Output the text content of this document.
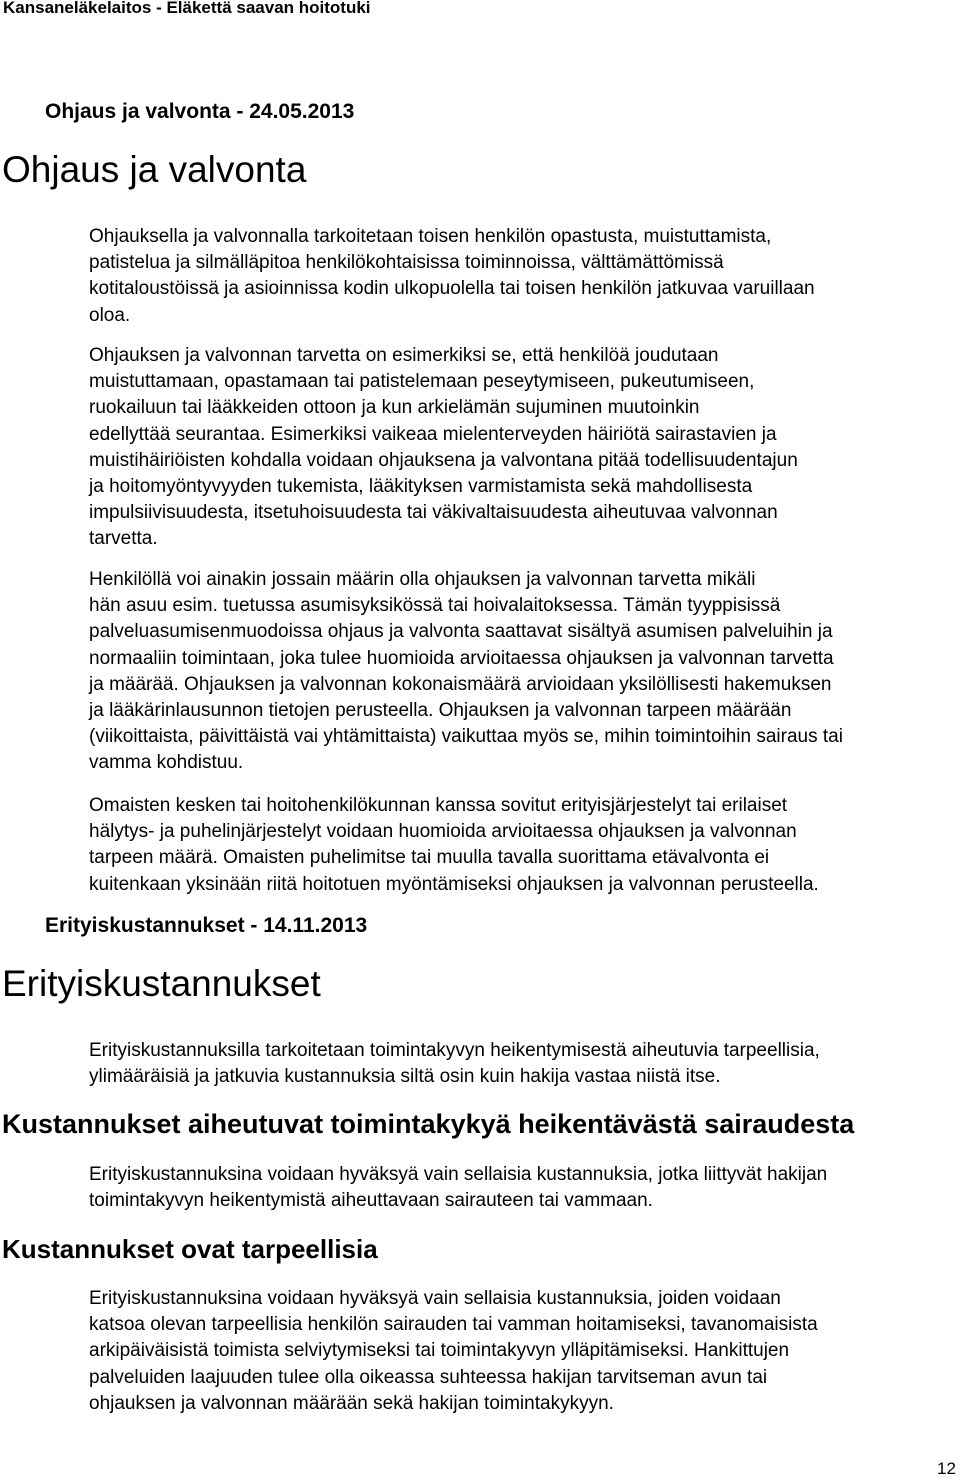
Kansaneläkelaitos - Eläkettä saavan hoitotuki
Ohjaus ja valvonta - 24.05.2013
Ohjaus ja valvonta

Ohjauksella ja valvonnalla tarkoitetaan toisen henkilön opastusta, muistuttamista,
patistelua ja silmälläpitoa henkilökohtaisissa toiminnoissa, välttämättömissä
kotitaloustöissä ja asioinnissa kodin ulkopuolella tai toisen henkilön jatkuvaa varuillaan
oloa.

Ohjauksen ja valvonnan tarvetta on esimerkiksi se, että henkilöä joudutaan
muistuttamaan, opastamaan tai patistelemaan peseytymiseen, pukeutumiseen,
ruokailuun tai lääkkeiden ottoon ja kun arkielämän sujuminen muutoinkin
edellyttää seurantaa. Esimerkiksi vaikeaa mielenterveyden häiriötä sairastavien ja
muistihäiriöisten kohdalla voidaan ohjauksena ja valvontana pitää todellisuudentajun
ja hoitomyöntyvyyden tukemista, lääkityksen varmistamista sekä mahdollisesta
impulsiivisuudesta, itsetuhoisuudesta tai väkivaltaisuudesta aiheutuvaa valvonnan
tarvetta.

Henkilöllä voi ainakin jossain määrin olla ohjauksen ja valvonnan tarvetta mikäli
hän asuu esim. tuetussa asumisyksikössä tai hoivalaitoksessa. Tämän tyyppisissä
palveluasumisenmuodoissa ohjaus ja valvonta saattavat sisältyä asumisen palveluihin ja
normaaliin toimintaan, joka tulee huomioida arvioitaessa ohjauksen ja valvonnan tarvetta
ja määrää. Ohjauksen ja valvonnan kokonaismäärä arvioidaan yksilöllisesti hakemuksen
ja lääkärinlausunnon tietojen perusteella. Ohjauksen ja valvonnan tarpeen määrään
(viikoittaista, päivittäistä vai yhtämittaista) vaikuttaa myös se, mihin toimintoihin sairaus tai
vamma kohdistuu.

Omaisten kesken tai hoitohenkilökunnan kanssa sovitut erityisjärjestelyt tai erilaiset
hälytys- ja puhelinjärjestelyt voidaan huomioida arvioitaessa ohjauksen ja valvonnan
tarpeen määrä. Omaisten puhelimitse tai muulla tavalla suorittama etävalvonta ei
kuitenkaan yksinään riitä hoitotuen myöntämiseksi ohjauksen ja valvonnan perusteella.

Erityiskustannukset - 14.11.2013
Erityiskustannukset

Erityiskustannuksilla tarkoitetaan toimintakyvyn heikentymisestä aiheutuvia tarpeellisia,
ylimääräisiä ja jatkuvia kustannuksia siltä osin kuin hakija vastaa niistä itse.

Kustannukset aiheutuvat toimintakykyä heikentävästä sairaudesta

Erityiskustannuksina voidaan hyväksyä vain sellaisia kustannuksia, jotka liittyvät hakijan
toimintakyvyn heikentymistä aiheuttavaan sairauteen tai vammaan.

Kustannukset ovat tarpeellisia

Erityiskustannuksina voidaan hyväksyä vain sellaisia kustannuksia, joiden voidaan
katsoa olevan tarpeellisia henkilön sairauden tai vamman hoitamiseksi, tavanomaisista
arkipäiväisistä toimista selviytymiseksi tai toimintakyvyn ylläpitämiseksi. Hankittujen
palveluiden laajuuden tulee olla oikeassa suhteessa hakijan tarvitseman avun tai
ohjauksen ja valvonnan määrään sekä hakijan toimintakykyyn.

12
